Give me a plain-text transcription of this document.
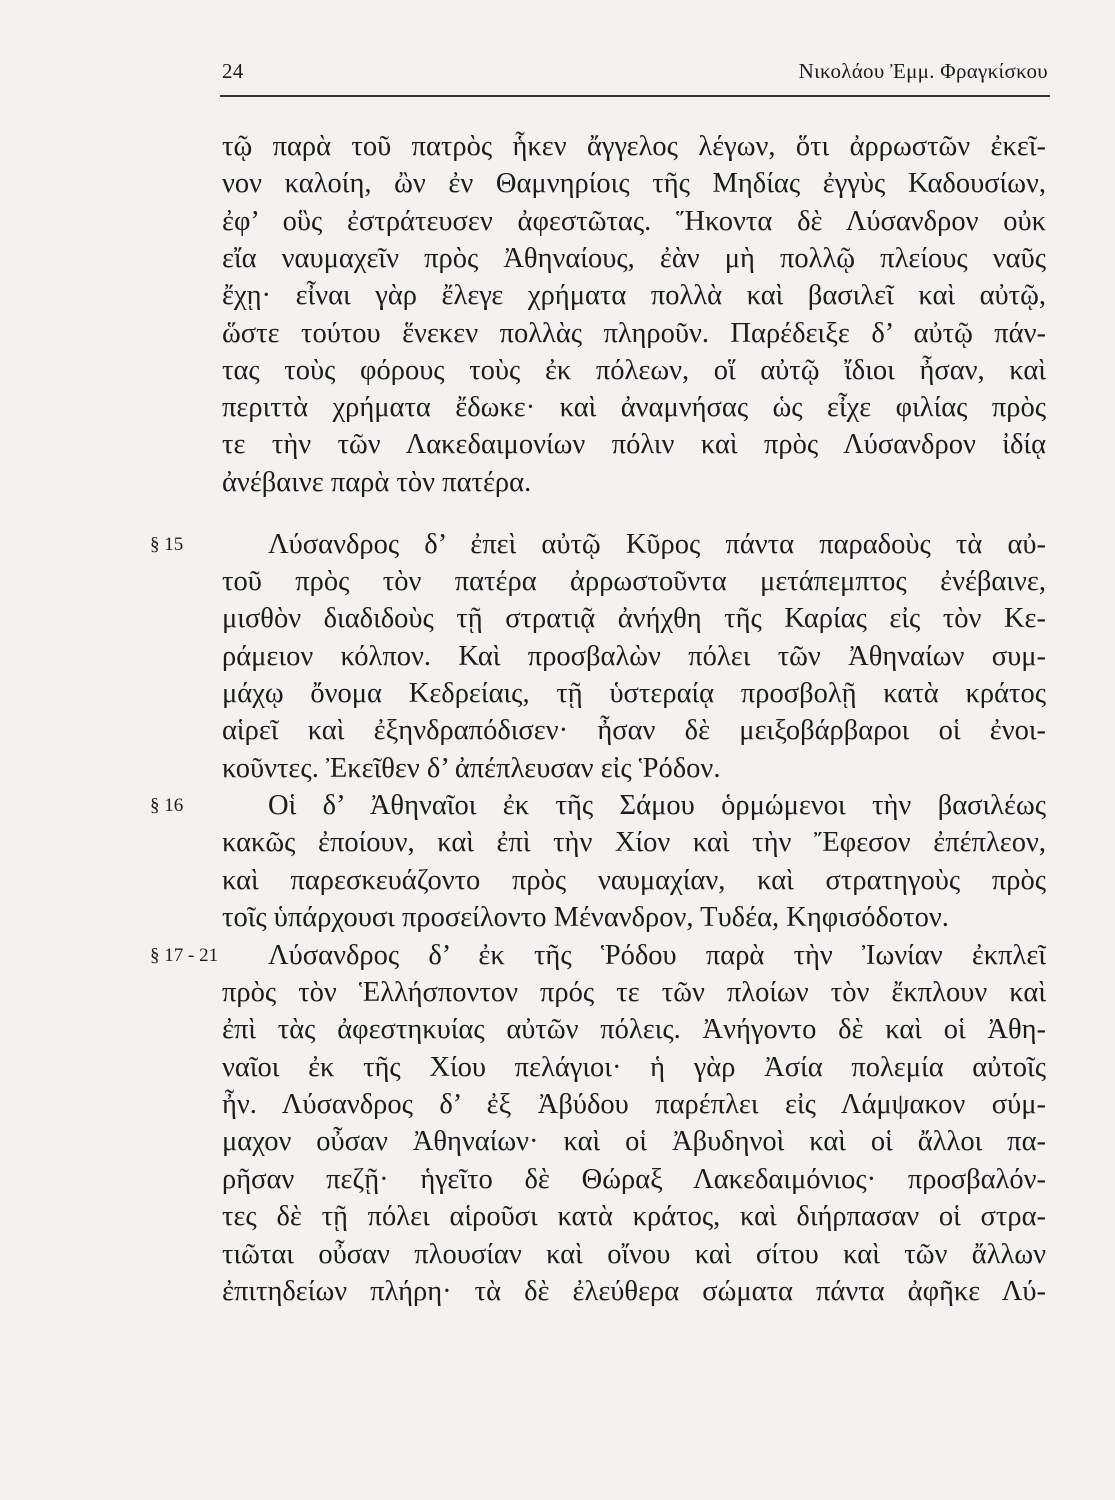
24	Νικολάου Ἐμμ. Φραγκίσκου
§ 15
§ 16
§ 17 - 21
τῷ παρὰ τοῦ πατρὸς ἧκεν ἄγγελος λέγων, ὅτι ἀρρωστῶν ἐκεῖ-
νον καλοίη, ὢν ἐν Θαμνηρίοις τῆς Μηδίας ἐγγὺς Καδουσίων,
ἐφ’ οὓς ἐστράτευσεν ἀφεστῶτας. Ἥκοντα δὲ Λύσανδρον οὐκ
εἴα ναυμαχεῖν πρὸς Ἀθηναίους, ἐὰν μὴ πολλῷ πλείους ναῦς
ἔχῃ· εἶναι γὰρ ἔλεγε χρήματα πολλὰ καὶ βασιλεῖ καὶ αὐτῷ,
ὥστε τούτου ἕνεκεν πολλὰς πληροῦν. Παρέδειξε δ’ αὐτῷ πάν-
τας τοὺς φόρους τοὺς ἐκ πόλεων, οἵ αὐτῷ ἴδιοι ἦσαν, καὶ
περιττὰ χρήματα ἔδωκε· καὶ ἀναμνήσας ὡς εἶχε φιλίας πρὸς
τε τὴν τῶν Λακεδαιμονίων πόλιν καὶ πρὸς Λύσανδρον ἰδίᾳ
ἀνέβαινε παρὰ τὸν πατέρα.
Λύσανδρος δ’ ἐπεὶ αὐτῷ Κῦρος πάντα παραδοὺς τὰ αὐ-
τοῦ πρὸς τὸν πατέρα ἀρρωστοῦντα μετάπεμπτος ἐνέβαινε,
μισθὸν διαδιδοὺς τῇ στρατιᾷ ἀνήχθη τῆς Καρίας εἰς τὸν Κε-
ράμειον κόλπον. Καὶ προσβαλὼν πόλει τῶν Ἀθηναίων συμ-
μάχῳ ὄνομα Κεδρείαις, τῇ ὑστεραίᾳ προσβολῇ κατὰ κράτος
αἱρεῖ καὶ ἐξηνδραπόδισεν· ἦσαν δὲ μειξοβάρβαροι οἱ ἐνοι-
κοῦντες. Ἐκεῖθεν δ’ ἀπέπλευσαν εἰς Ῥόδον.
Οἱ δ’ Ἀθηναῖοι ἐκ τῆς Σάμου ὁρμώμενοι τὴν βασιλέως
κακῶς ἐποίουν, καὶ ἐπὶ τὴν Χίον καὶ τὴν Ἔφεσον ἐπέπλεον,
καὶ παρεσκευάζοντο πρὸς ναυμαχίαν, καὶ στρατηγοὺς πρὸς
τοῖς ὑπάρχουσι προσείλοντο Μένανδρον, Τυδέα, Κηφισόδοτον.
Λύσανδρος δ’ ἐκ τῆς Ῥόδου παρὰ τὴν Ἰωνίαν ἐκπλεῖ
πρὸς τὸν Ἑλλήσποντον πρός τε τῶν πλοίων τὸν ἔκπλουν καὶ
ἐπὶ τὰς ἀφεστηκυίας αὐτῶν πόλεις. Ἀνήγοντο δὲ καὶ οἱ Ἀθη-
ναῖοι ἐκ τῆς Χίου πελάγιοι· ἡ γὰρ Ἀσία πολεμία αὐτοῖς
ἦν. Λύσανδρος δ’ ἐξ Ἀβύδου παρέπλει εἰς Λάμψακον σύμ-
μαχον οὖσαν Ἀθηναίων· καὶ οἱ Ἀβυδηνοὶ καὶ οἱ ἄλλοι πα-
ρῆσαν πεζῇ· ἡγεῖτο δὲ Θώραξ Λακεδαιμόνιος· προσβαλόν-
τες δὲ τῇ πόλει αἱροῦσι κατὰ κράτος, καὶ διήρπασαν οἱ στρα-
τιῶται οὖσαν πλουσίαν καὶ οἴνου καὶ σίτου καὶ τῶν ἄλλων
ἐπιτηδείων πλήρη· τὰ δὲ ἐλεύθερα σώματα πάντα ἀφῆκε Λύ-
